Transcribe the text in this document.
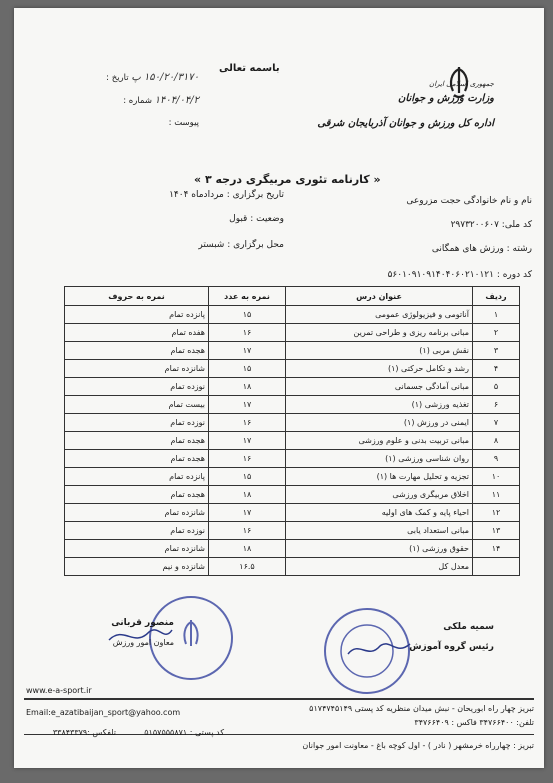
باسمه تعالی
۱۵۰/۲۰/۳۱۷۰ پ تاریخ :
۱۴۰۴/۰۴/۲ شماره :
پیوست :
جمهوری اسلامی ایران
وزارت ورزش و جوانان
اداره کل ورزش و جوانان آذربایجان شرقی
« کارنامه تئوری مربیگری درجه ۳ »
نام و نام خانوادگی حجت مزروعی
کد ملی: ۲۹۷۳۲۰۰۶۰۷
رشته : ورزش های همگانی
کد دوره : ۵۶۰۱۰۹۱۰۹۱۴۰۴۰۶۰۲۱۰۱۲۱
تاریخ برگزاری : مردادماه ۱۴۰۴
وضعیت : قبول
محل برگزاری : شبستر
ردیف	عنوان درس	نمره به عدد	نمره به حروف
۱	آناتومی و فیزیولوژی عمومی	۱۵	پانزده تمام
۲	مبانی برنامه ریزی و طراحی تمرین	۱۶	هفده تمام
۳	نقش مربی (۱)	۱۷	هجده تمام
۴	رشد و تکامل حرکتی (۱)	۱۵	شانزده تمام
۵	مبانی آمادگی جسمانی	۱۸	نوزده تمام
۶	تغذیه ورزشی (۱)	۱۷	بیست تمام
۷	ایمنی در ورزش (۱)	۱۶	نوزده تمام
۸	مبانی تربیت بدنی و علوم ورزشی	۱۷	هجده تمام
۹	روان شناسی ورزشی (۱)	۱۶	هجده تمام
۱۰	تجزیه و تحلیل مهارت ها (۱)	۱۵	پانزده تمام
۱۱	اخلاق مربیگری ورزشی	۱۸	هجده تمام
۱۲	احیاء پایه و کمک های اولیه	۱۷	شانزده تمام
۱۳	مبانی استعداد یابی	۱۶	نوزده تمام
۱۴	حقوق ورزشی (۱)	۱۸	شانزده تمام
	معدل کل	۱۶.۵	شانزده و نیم
منصور قربانی
معاون امور ورزش
سمیه ملکی
رئیس گروه آموزش
www.e-a-sport.ir
Email:e_azatibaijan_sport@yahoo.com	تبریز چهار راه ابوریحان - نبش میدان منظریه کد پستی ۵۱۷۴۷۴۵۱۴۹
تلفن: ۳۴۷۶۶۴۰۰ فاکس : ۳۴۷۶۶۴۰۹
تبریز : چهارراه خرمشهر ( نادر ) - اول کوچه باغ - معاونت امور جوانان
کد پستی : ۵۱۵۷۵۵۵۸۷۱
تلفکس :۳۳۸۴۳۳۷۹
